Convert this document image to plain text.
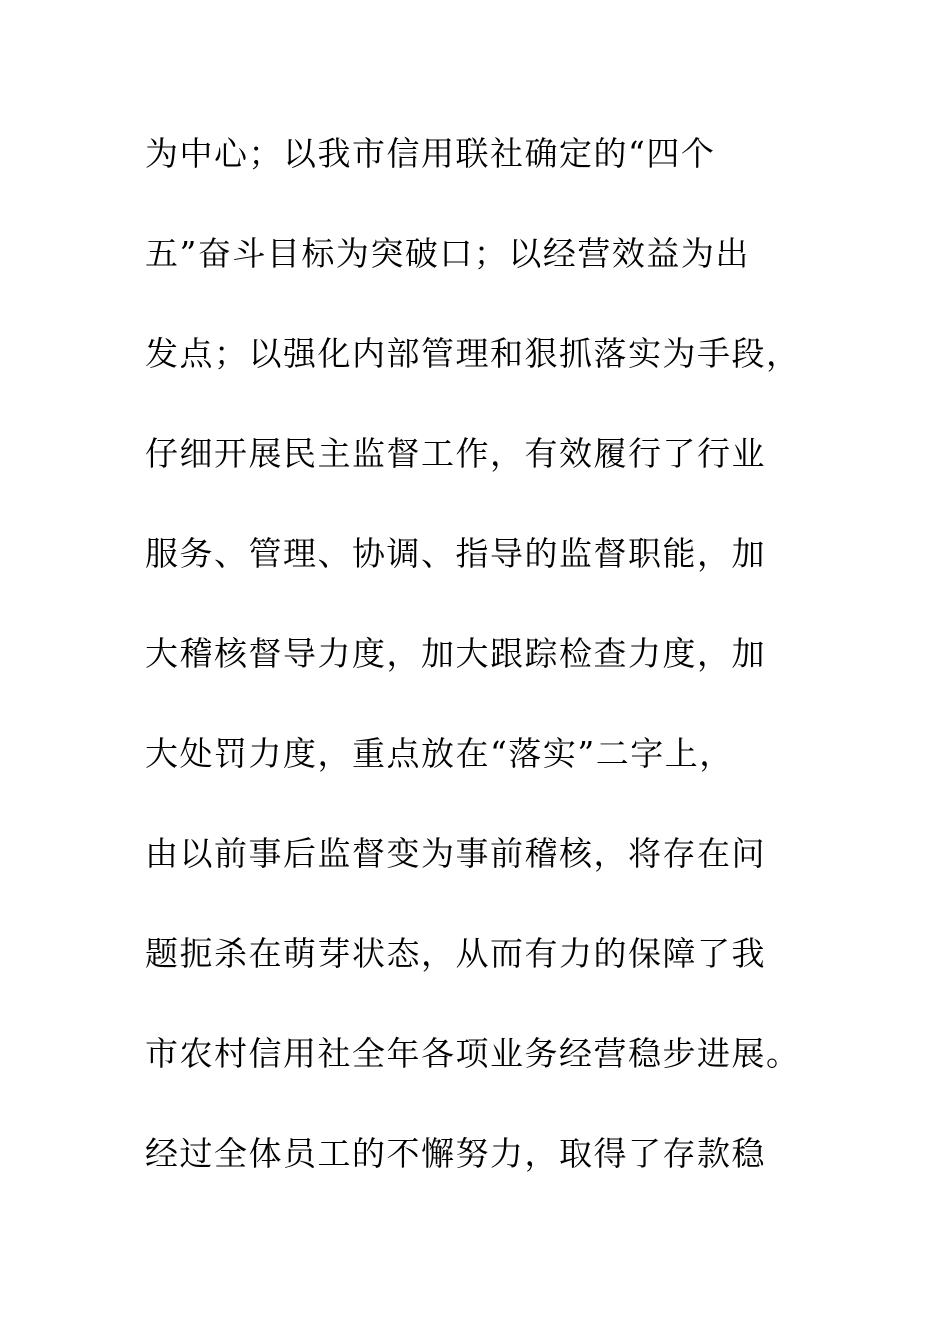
为中心；以我市信用联社确定的“四个
五”奋斗目标为突破口；以经营效益为出
发点；以强化内部管理和狠抓落实为手段，
仔细开展民主监督工作，有效履行了行业
服务、管理、协调、指导的监督职能，加
大稽核督导力度，加大跟踪检查力度，加
大处罚力度，重点放在“落实”二字上，
由以前事后监督变为事前稽核，将存在问
题扼杀在萌芽状态，从而有力的保障了我
市农村信用社全年各项业务经营稳步进展。
经过全体员工的不懈努力，取得了存款稳
